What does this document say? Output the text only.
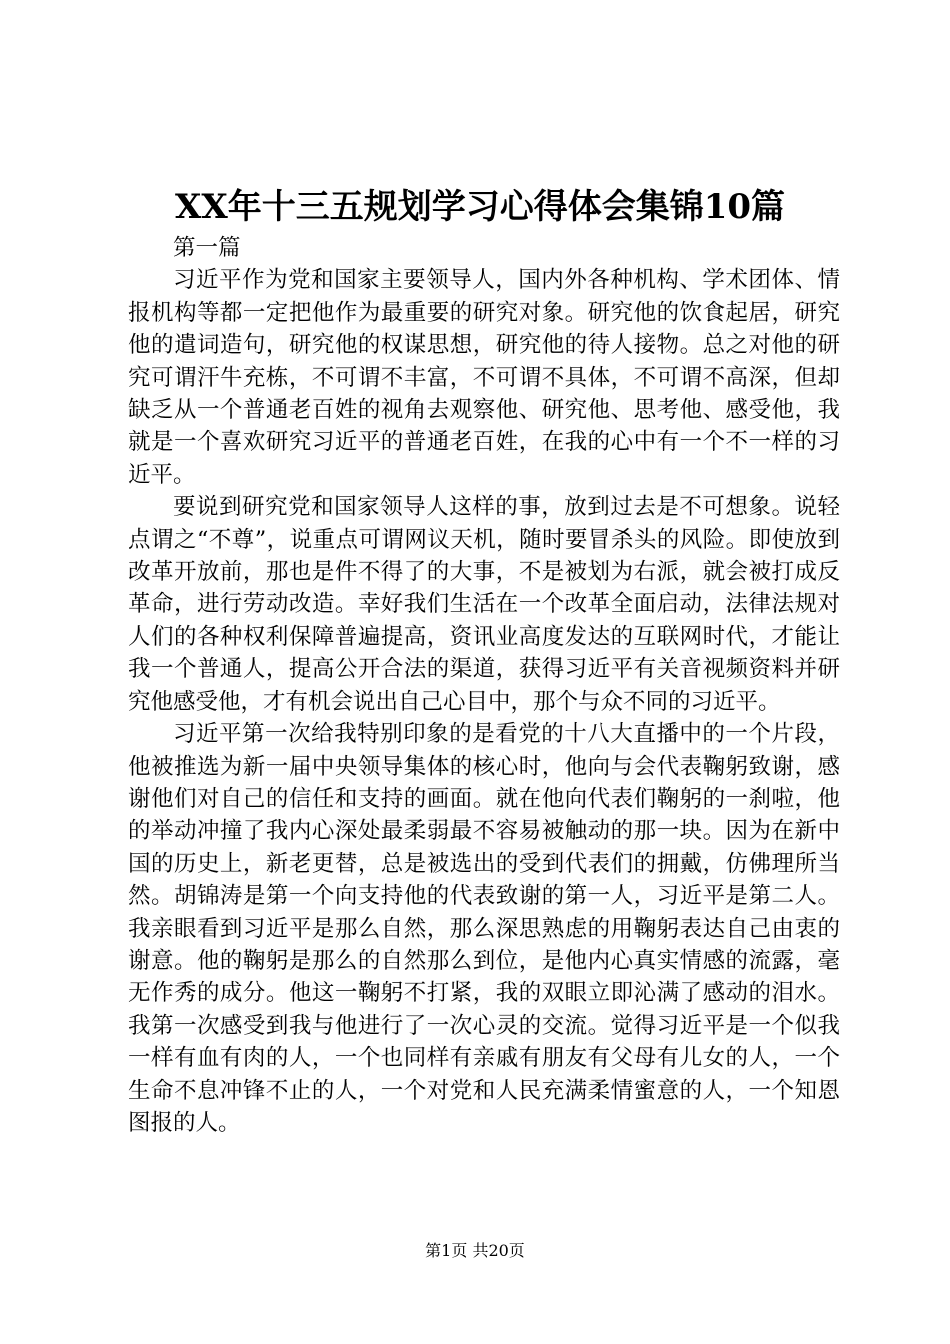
XX年十三五规划学习心得体会集锦10篇

第一篇

习近平作为党和国家主要领导人，国内外各种机构、学术团体、情报机构等都一定把他作为最重要的研究对象。研究他的饮食起居，研究他的遣词造句，研究他的权谋思想，研究他的待人接物。总之对他的研究可谓汗牛充栋，不可谓不丰富，不可谓不具体，不可谓不高深，但却缺乏从一个普通老百姓的视角去观察他、研究他、思考他、感受他，我就是一个喜欢研究习近平的普通老百姓，在我的心中有一个不一样的习近平。

要说到研究党和国家领导人这样的事，放到过去是不可想象。说轻点谓之“不尊”，说重点可谓网议天机，随时要冒杀头的风险。即使放到改革开放前，那也是件不得了的大事，不是被划为右派，就会被打成反革命，进行劳动改造。幸好我们生活在一个改革全面启动，法律法规对人们的各种权利保障普遍提高，资讯业高度发达的互联网时代，才能让我一个普通人，提高公开合法的渠道，获得习近平有关音视频资料并研究他感受他，才有机会说出自己心目中，那个与众不同的习近平。

习近平第一次给我特别印象的是看党的十八大直播中的一个片段，他被推选为新一届中央领导集体的核心时，他向与会代表鞠躬致谢，感谢他们对自己的信任和支持的画面。就在他向代表们鞠躬的一刹啦，他的举动冲撞了我内心深处最柔弱最不容易被触动的那一块。因为在新中国的历史上，新老更替，总是被选出的受到代表们的拥戴，仿佛理所当然。胡锦涛是第一个向支持他的代表致谢的第一人，习近平是第二人。我亲眼看到习近平是那么自然，那么深思熟虑的用鞠躬表达自己由衷的谢意。他的鞠躬是那么的自然那么到位，是他内心真实情感的流露，毫无作秀的成分。他这一鞠躬不打紧，我的双眼立即沁满了感动的泪水。我第一次感受到我与他进行了一次心灵的交流。觉得习近平是一个似我一样有血有肉的人，一个也同样有亲戚有朋友有父母有儿女的人，一个生命不息冲锋不止的人，一个对党和人民充满柔情蜜意的人，一个知恩图报的人。

第1页 共20页
